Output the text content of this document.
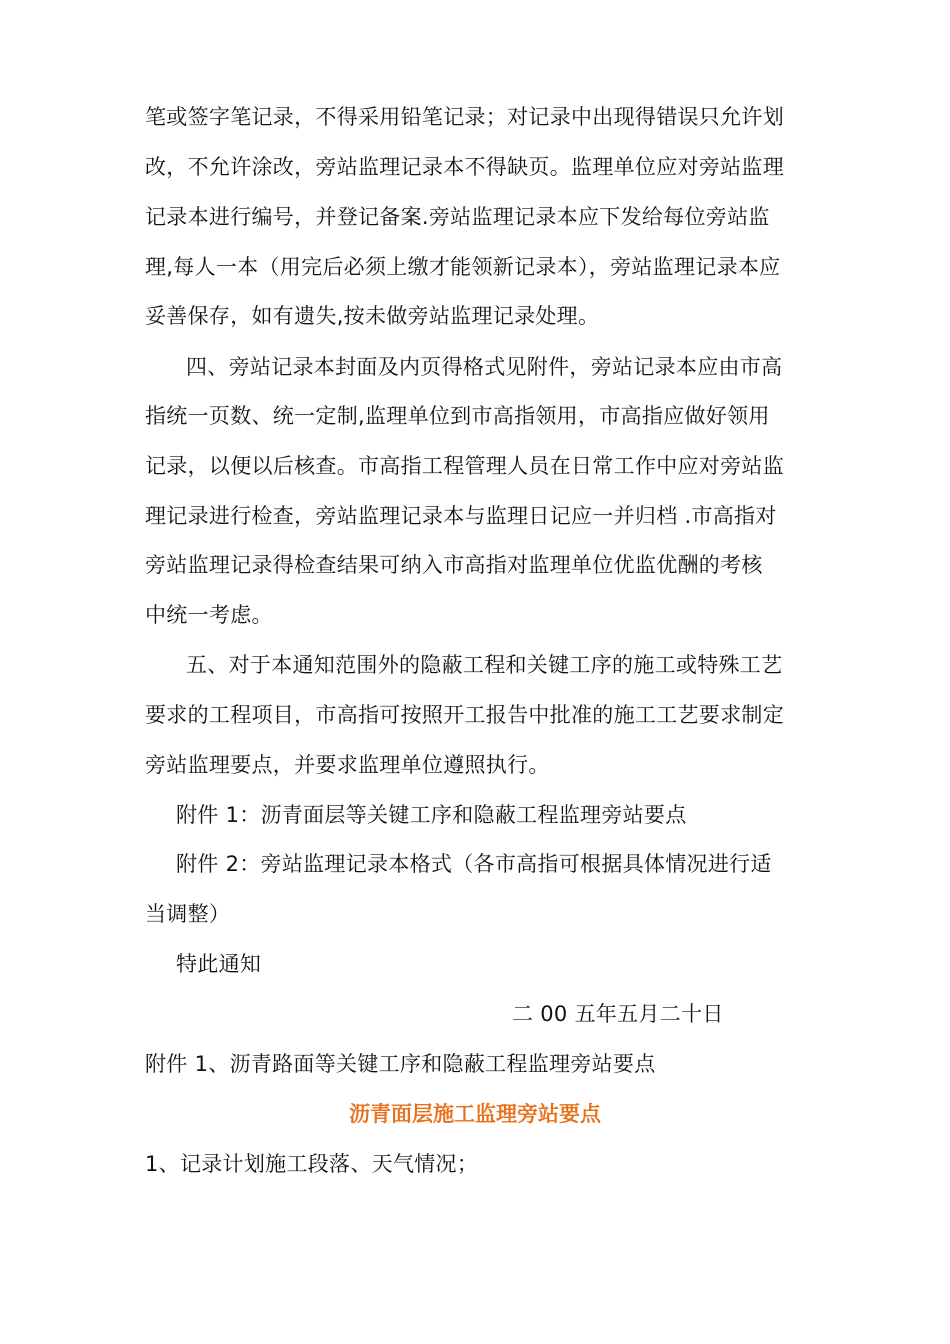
笔或签字笔记录，不得采用铅笔记录；对记录中出现得错误只允许划
改，不允许涂改，旁站监理记录本不得缺页。监理单位应对旁站监理
记录本进行编号，并登记备案.旁站监理记录本应下发给每位旁站监
理,每人一本（用完后必须上缴才能领新记录本），旁站监理记录本应
妥善保存，如有遗失,按未做旁站监理记录处理。
四、旁站记录本封面及内页得格式见附件，旁站记录本应由市高
指统一页数、统一定制,监理单位到市高指领用，市高指应做好领用
记录，以便以后核查。市高指工程管理人员在日常工作中应对旁站监
理记录进行检查，旁站监理记录本与监理日记应一并归档 .市高指对
旁站监理记录得检查结果可纳入市高指对监理单位优监优酬的考核
中统一考虑。
五、对于本通知范围外的隐蔽工程和关键工序的施工或特殊工艺
要求的工程项目，市高指可按照开工报告中批准的施工工艺要求制定
旁站监理要点，并要求监理单位遵照执行。
附件 1：沥青面层等关键工序和隐蔽工程监理旁站要点
附件 2：旁站监理记录本格式（各市高指可根据具体情况进行适
当调整）
特此通知
二 00 五年五月二十日
附件 1、沥青路面等关键工序和隐蔽工程监理旁站要点
沥青面层施工监理旁站要点
1、记录计划施工段落、天气情况；
